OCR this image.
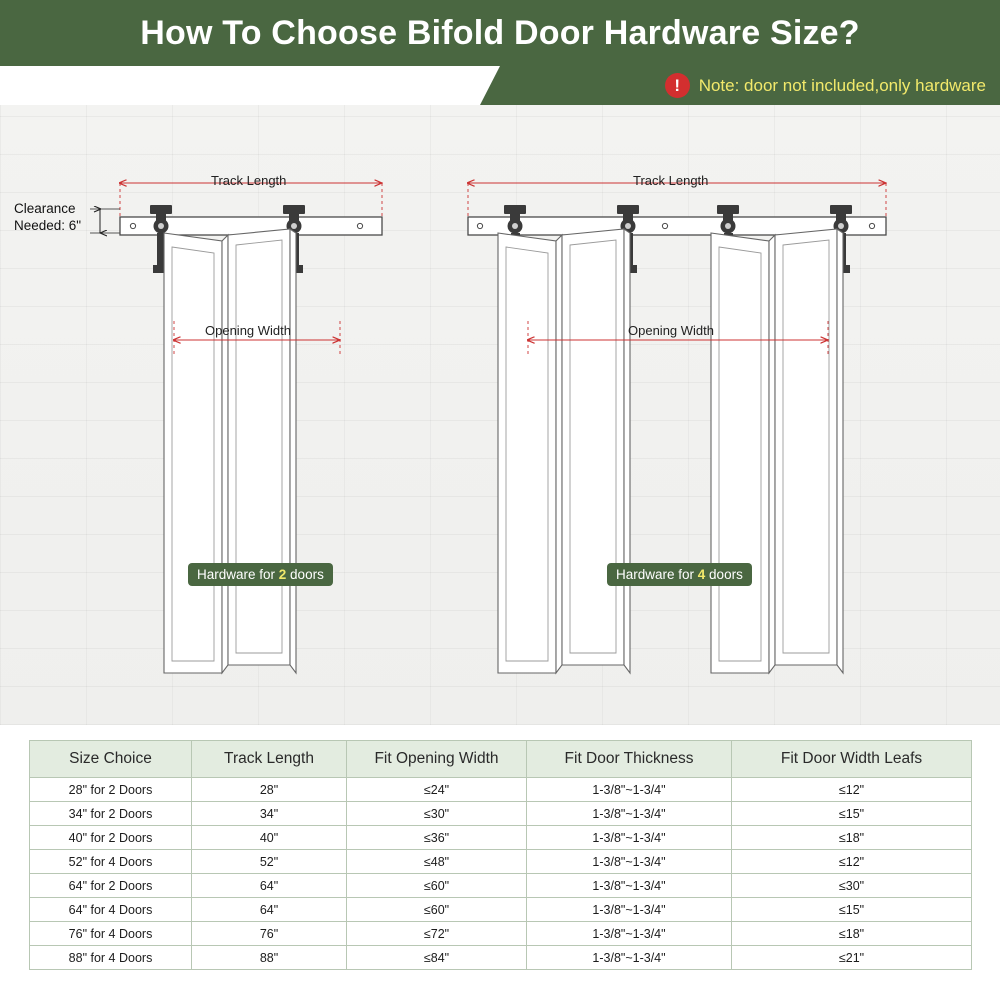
How To Choose Bifold Door Hardware Size?
!	Note: door not included,only hardware
Track Length
Clearance
Needed: 6"
Opening Width
Track Length
Opening Width
Hardware for 2 doors	Hardware for 4 doors
Size Choice	Track Length	Fit Opening Width	Fit Door Thickness	Fit Door Width Leafs
28" for 2 Doors	28"	≤24"	1-3/8"~1-3/4"	≤12"
34" for 2 Doors	34"	≤30"	1-3/8"~1-3/4"	≤15"
40" for 2 Doors	40"	≤36"	1-3/8"~1-3/4"	≤18"
52" for 4 Doors	52"	≤48"	1-3/8"~1-3/4"	≤12"
64" for 2 Doors	64"	≤60"	1-3/8"~1-3/4"	≤30"
64" for 4 Doors	64"	≤60"	1-3/8"~1-3/4"	≤15"
76" for 4 Doors	76"	≤72"	1-3/8"~1-3/4"	≤18"
88" for 4 Doors	88"	≤84"	1-3/8"~1-3/4"	≤21"
